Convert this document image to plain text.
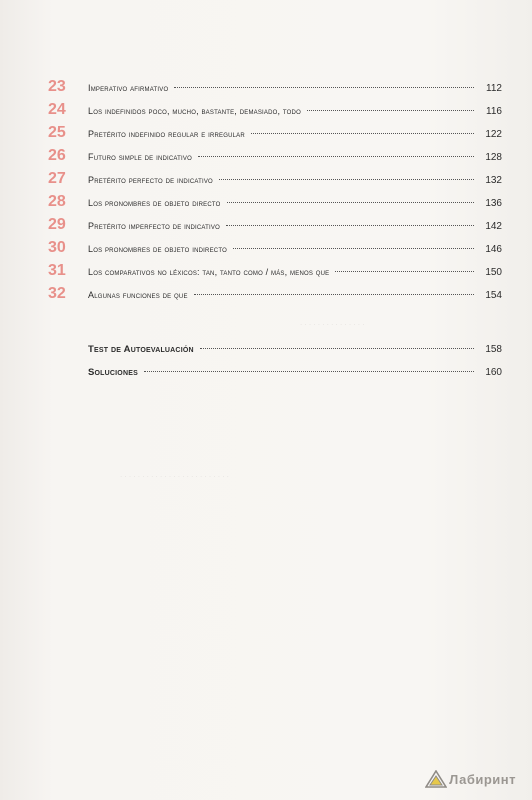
. . . . . . . . . . . . . . .
. . . . . . . . . . . . . . . . . . . . . . . . .
23	Imperativo afirmativo	112
24	Los indefinidos poco, mucho, bastante, demasiado, todo	116
25	Pretérito indefinido regular e irregular	122
26	Futuro simple de indicativo	128
27	Pretérito perfecto de indicativo	132
28	Los pronombres de objeto directo	136
29	Pretérito imperfecto de indicativo	142
30	Los pronombres de objeto indirecto	146
31	Los comparativos no léxicos: tan, tanto como / más, menos que	150
32	Algunas funciones de que	154
Test de Autoevaluación	158
Soluciones	160
Лабиринт
